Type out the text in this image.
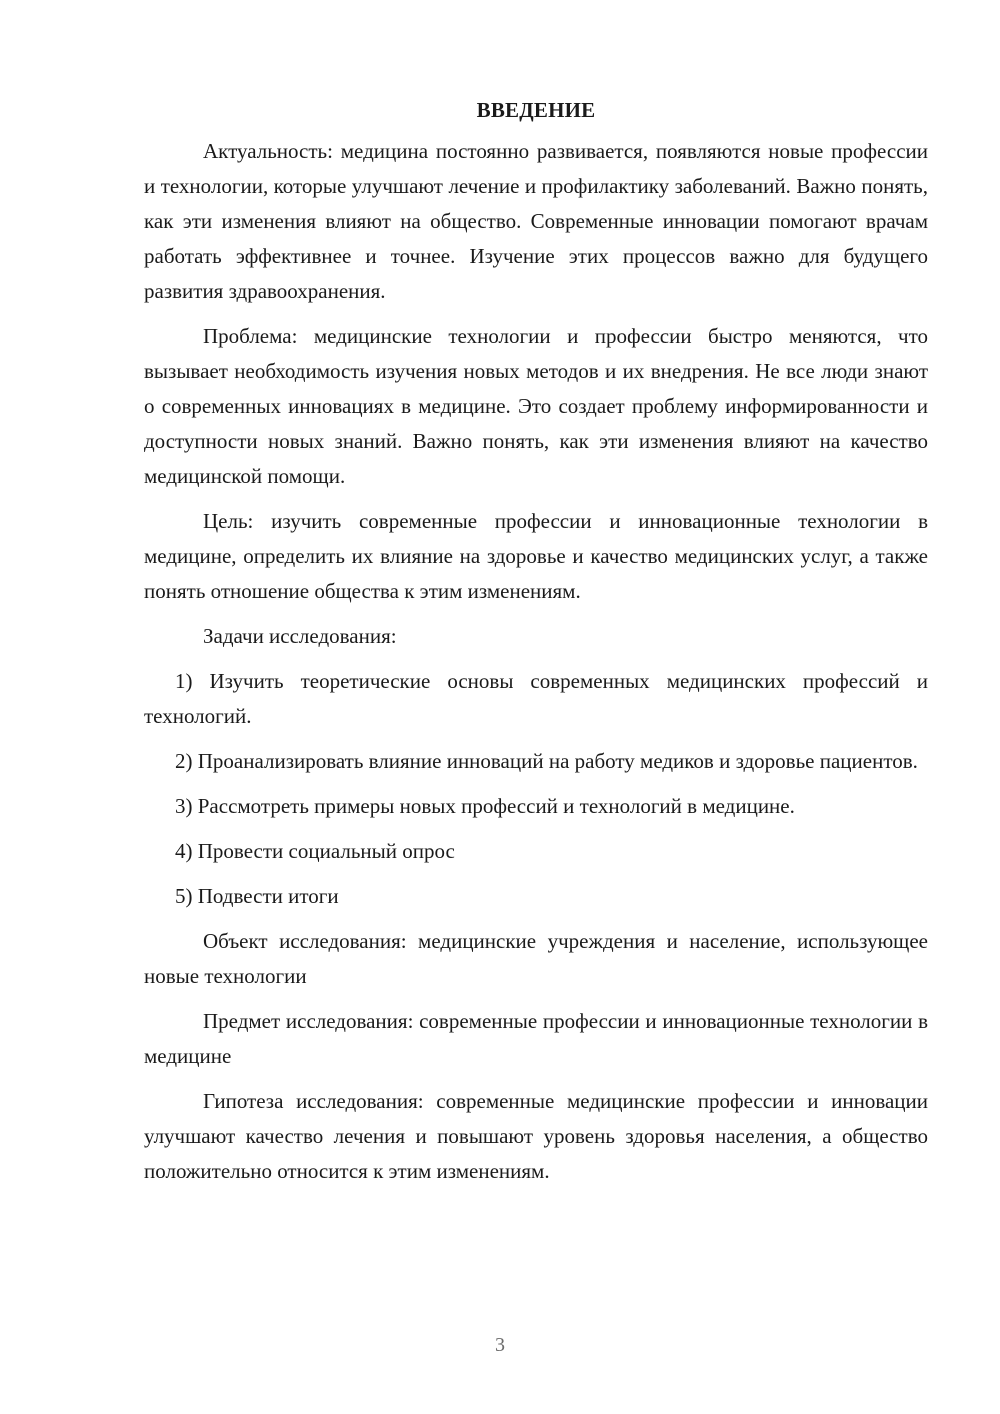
ВВЕДЕНИЕ

Актуальность: медицина постоянно развивается, появляются новые профессии и технологии, которые улучшают лечение и профилактику заболеваний. Важно понять, как эти изменения влияют на общество. Современные инновации помогают врачам работать эффективнее и точнее. Изучение этих процессов важно для будущего развития здравоохранения.

Проблема: медицинские технологии и профессии быстро меняются, что вызывает необходимость изучения новых методов и их внедрения. Не все люди знают о современных инновациях в медицине. Это создает проблему информированности и доступности новых знаний. Важно понять, как эти изменения влияют на качество медицинской помощи.

Цель: изучить современные профессии и инновационные технологии в медицине, определить их влияние на здоровье и качество медицинских услуг, а также понять отношение общества к этим изменениям.

Задачи исследования:

1) Изучить теоретические основы современных медицинских профессий и технологий.

2) Проанализировать влияние инноваций на работу медиков и здоровье пациентов.

3) Рассмотреть примеры новых профессий и технологий в медицине.

4) Провести социальный опрос

5) Подвести итоги

Объект исследования: медицинские учреждения и население, использующее новые технологии

Предмет исследования: современные профессии и инновационные технологии в медицине

Гипотеза исследования: современные медицинские профессии и инновации улучшают качество лечения и повышают уровень здоровья населения, а общество положительно относится к этим изменениям.

3
